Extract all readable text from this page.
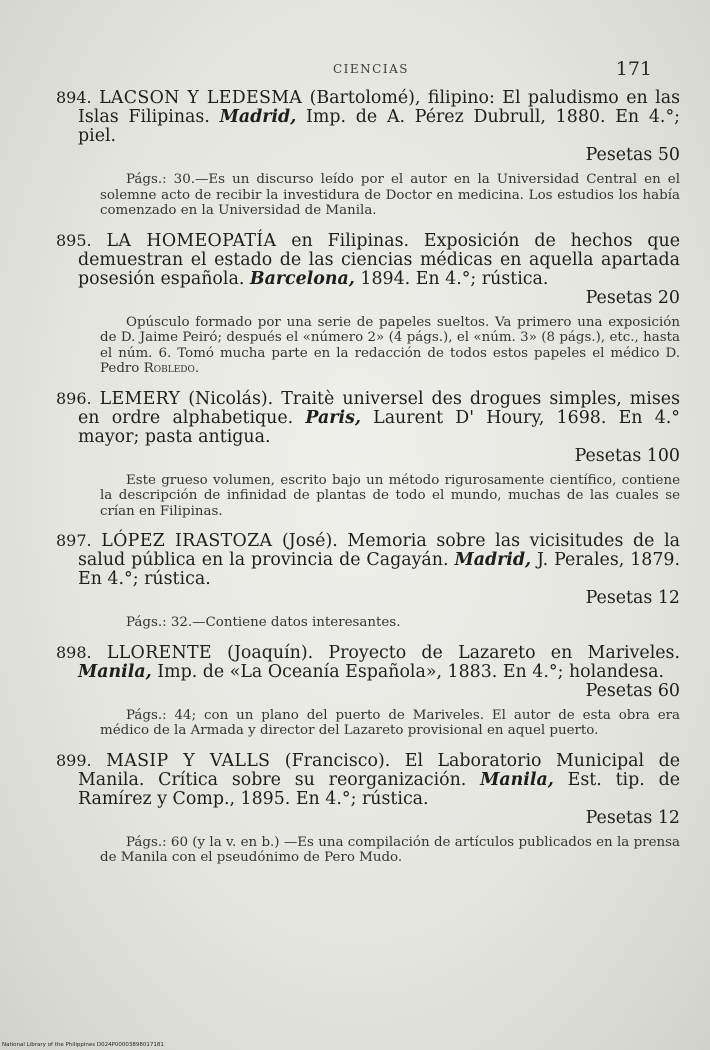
CIENCIAS	171

894. LACSON Y LEDESMA (Bartolomé), filipino: El paludismo en las Islas Filipinas. Madrid, Imp. de A. Pérez Dubrull, 1880. En 4.°; piel.
Pesetas 50

Págs.: 30.—Es un discurso leído por el autor en la Universidad Central en el solemne acto de recibir la investidura de Doctor en medicina. Los estudios los había comenzado en la Universidad de Manila.

895. LA HOMEOPATÍA en Filipinas. Exposición de hechos que demuestran el estado de las ciencias médicas en aquella apartada posesión española. Barcelona, 1894. En 4.°; rústica.
Pesetas 20

Opúsculo formado por una serie de papeles sueltos. Va primero una exposición de D. Jaime Peiró; después el «número 2» (4 págs.), el «núm. 3» (8 págs.), etc., hasta el núm. 6. Tomó mucha parte en la redacción de todos estos papeles el médico D. Pedro Robledo.

896. LEMERY (Nicolás). Traitè universel des drogues simples, mises en ordre alphabetique. Paris, Laurent D' Houry, 1698. En 4.° mayor; pasta antigua.
Pesetas 100

Este grueso volumen, escrito bajo un método rigurosamente científico, contiene la descripción de infinidad de plantas de todo el mundo, muchas de las cuales se crían en Filipinas.

897. LÓPEZ IRASTOZA (José). Memoria sobre las vicisitudes de la salud pública en la provincia de Cagayán. Madrid, J. Perales, 1879. En 4.°; rústica.
Pesetas 12

Págs.: 32.—Contiene datos interesantes.

898. LLORENTE (Joaquín). Proyecto de Lazareto en Mariveles. Manila, Imp. de «La Oceanía Española», 1883. En 4.°; holandesa.
Pesetas 60

Págs.: 44; con un plano del puerto de Mariveles. El autor de esta obra era médico de la Armada y director del Lazareto provisional en aquel puerto.

899. MASIP Y VALLS (Francisco). El Laboratorio Municipal de Manila. Crítica sobre su reorganización. Manila, Est. tip. de Ramírez y Comp., 1895. En 4.°; rústica.
Pesetas 12

Págs.: 60 (y la v. en b.) —Es una compilación de artículos publicados en la prensa de Manila con el pseudónimo de Pero Mudo.

National Library of the Philippines D024P00003898017181
